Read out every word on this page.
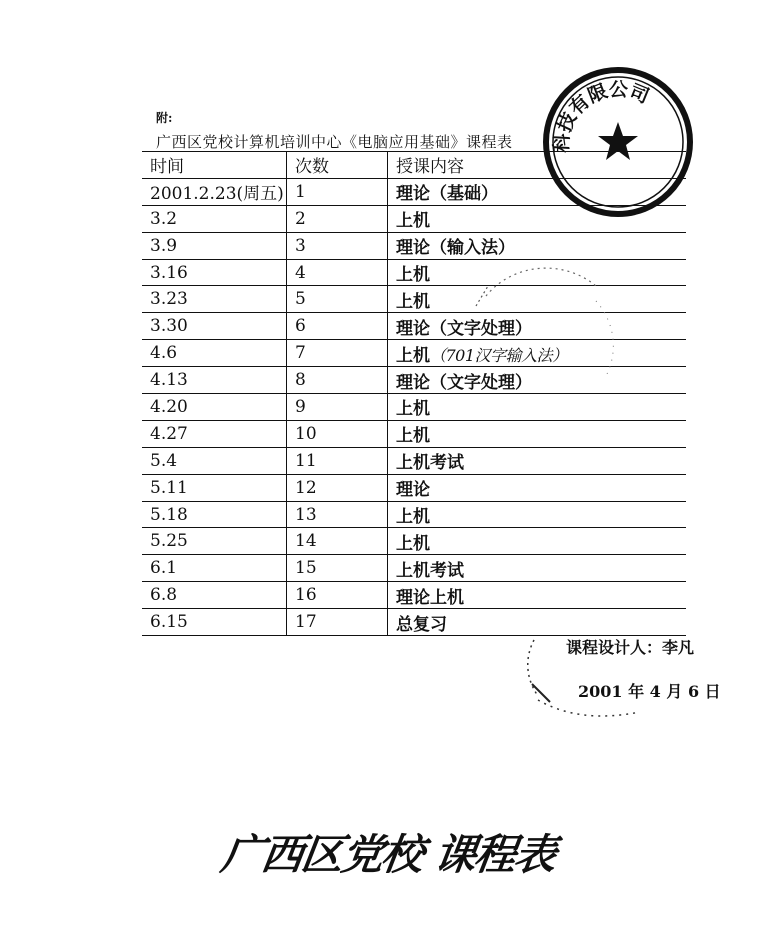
附:
广西区党校计算机培训中心《电脑应用基础》课程表
时间	次数	授课内容
2001.2.23(周五)	1	理论（基础）
3.2	2	上机
3.9	3	理论（输入法）
3.16	4	上机
3.23	5	上机
3.30	6	理论（文字处理）
4.6	7	上机（701汉字输入法）
4.13	8	理论（文字处理）
4.20	9	上机
4.27	10	上机
5.4	11	上机考试
5.11	12	理论
5.18	13	上机
5.25	14	上机
6.1	15	上机考试
6.8	16	理论上机
6.15	17	总复习
课程设计人：李凡
2001 年 4 月 6 日
科技有限公司
广西区党校 课程表
